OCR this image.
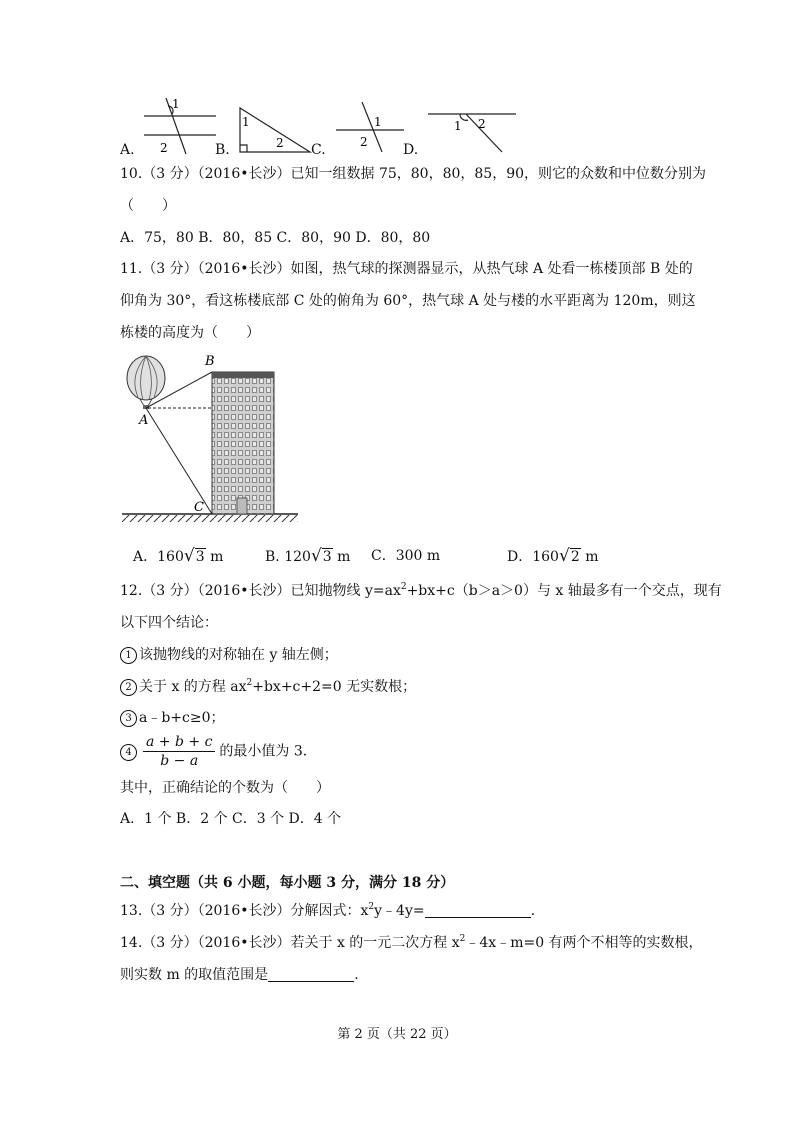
1
2
1
2
1
2
1 2
A.	B.	C.	D.
10.（3 分）（2016•长沙）已知一组数据 75，80，80，85，90，则它的众数和中位数分别为
（　　）
A．75，80 B．80，85 C．80，90 D．80，80
11.（3 分）（2016•长沙）如图，热气球的探测器显示，从热气球 A 处看一栋楼顶部 B 处的
仰角为 30°，看这栋楼底部 C 处的俯角为 60°，热气球 A 处与楼的水平距离为 120m，则这
栋楼的高度为（　　）
A
B
C
A．160√3 m	B. 120√3 m C．300 m	D．160√2 m
12.（3 分）（2016•长沙）已知抛物线 $y=ax^2+bx+c(b>a>0)$与 x 轴最多有一个交点，现有
以下四个结论：
1 该抛物线的对称轴在 y 轴左侧；
2 关于 x 的方程 $ax^2+bx+c+2=0$ 无实数根；
3 a﹣b+c≥0；
$4 \frac{a + b + c}{b - a}$ 的最小值为 3．
其中，正确结论的个数为（　　）
A．1 个 B．2 个 C．3 个 D．4 个
二、填空题（共 6 小题，每小题 3 分，满分 18 分）
13.（3 分）（2016•长沙）分解因式：$x^2y﹣4y=$	.
14.（3 分）（2016•长沙）若关于 x 的一元二次方程 $x^2﹣4x﹣m=0$ 有两个不相等的实数根，
则实数 m 的取值范围是	.
第 2 页（共 22 页）
